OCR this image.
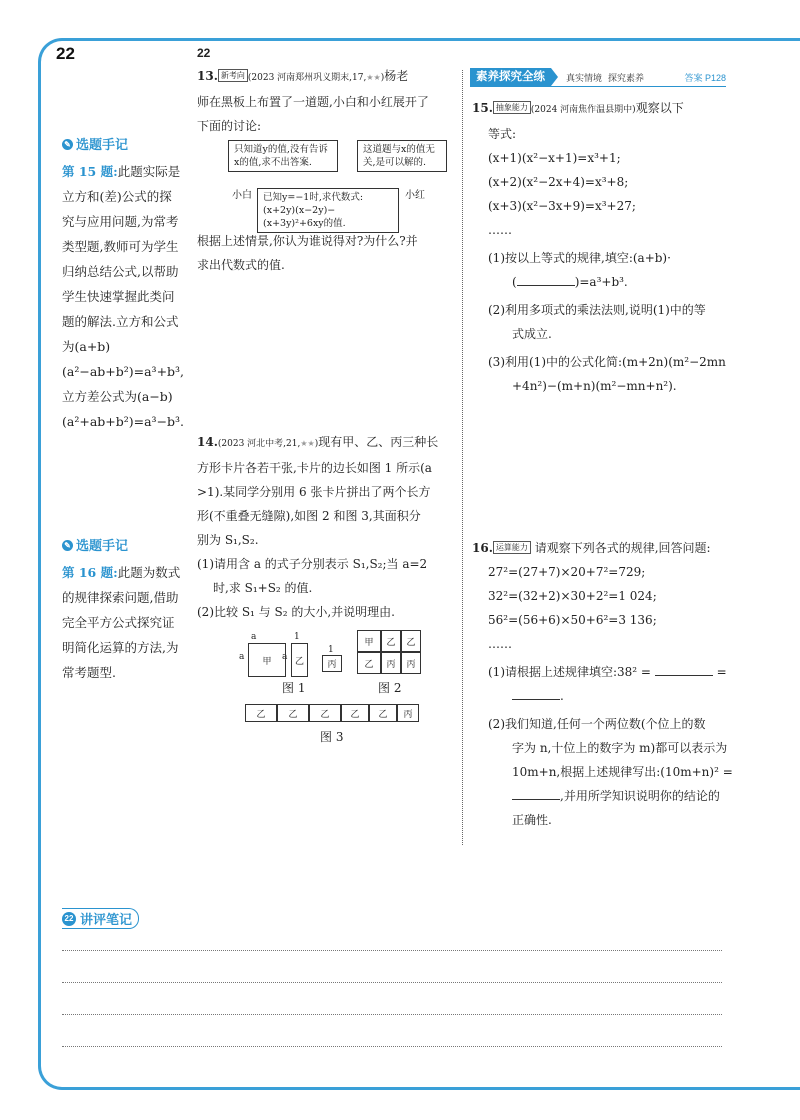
22	22
✎ 选题手记
第 15 题:此题实际是立方和(差)公式的探究与应用问题,为常考类型题,教师可为学生归纳总结公式,以帮助学生快速掌握此类问题的解法.立方和公式为(a+b)(a²−ab+b²)=a³+b³,立方差公式为(a−b)(a²+ab+b²)=a³−b³.
✎ 选题手记
第 16 题:此题为数式的规律探索问题,借助完全平方公式探究证明简化运算的方法,为常考题型.
13. 新考向 (2023 河南郑州巩义期末,17,★★)杨老
师在黑板上布置了一道题,小白和小红展开了
下面的讨论:
只知道y的值,没有告诉x的值,求不出答案.
这道题与x的值无关,是可以解的.
已知y=−1时,求代数式:
(x+2y)(x−2y)−(x+3y)²+6xy的值.
小白	小红
根据上述情景,你认为谁说得对?为什么?并
求出代数式的值.
14.(2023 河北中考,21,★★)现有甲、乙、丙三种长
方形卡片各若干张,卡片的边长如图 1 所示(a
>1).某同学分别用 6 张卡片拼出了两个长方
形(不重叠无缝隙),如图 2 和图 3,其面积分
别为 S₁,S₂.
(1)请用含 a 的式子分别表示 S₁,S₂;当 a=2
时,求 S₁+S₂ 的值.
(2)比较 S₁ 与 S₂ 的大小,并说明理由.
a	1
1
a	a
甲	乙	丙
图 1
甲	乙	乙
乙	丙	丙
图 2
乙	乙	乙	乙	乙	丙
图 3
素养探究全练	真实情境 探究素养	答案 P128
15. 抽象能力 (2024 河南焦作温县期中)观察以下
等式:
(x+1)(x²−x+1)=x³+1;
(x+2)(x²−2x+4)=x³+8;
(x+3)(x²−3x+9)=x³+27;
……
(1)按以上等式的规律,填空:(a+b)·
(	)=a³+b³.
(2)利用多项式的乘法法则,说明(1)中的等
式成立.
(3)利用(1)中的公式化简:(m+2n)(m²−2mn
+4n²)−(m+n)(m²−mn+n²).
16. 运算能力 请观察下列各式的规律,回答问题:
27²=(27+7)×20+7²=729;
32²=(32+2)×30+2²=1 024;
56²=(56+6)×50+6²=3 136;
……
(1)请根据上述规律填空:38² =	=
.
(2)我们知道,任何一个两位数(个位上的数
字为 n,十位上的数字为 m)都可以表示为
10m+n,根据上述规律写出:(10m+n)² =
,并用所学知识说明你的结论的
正确性.
22 讲评笔记
